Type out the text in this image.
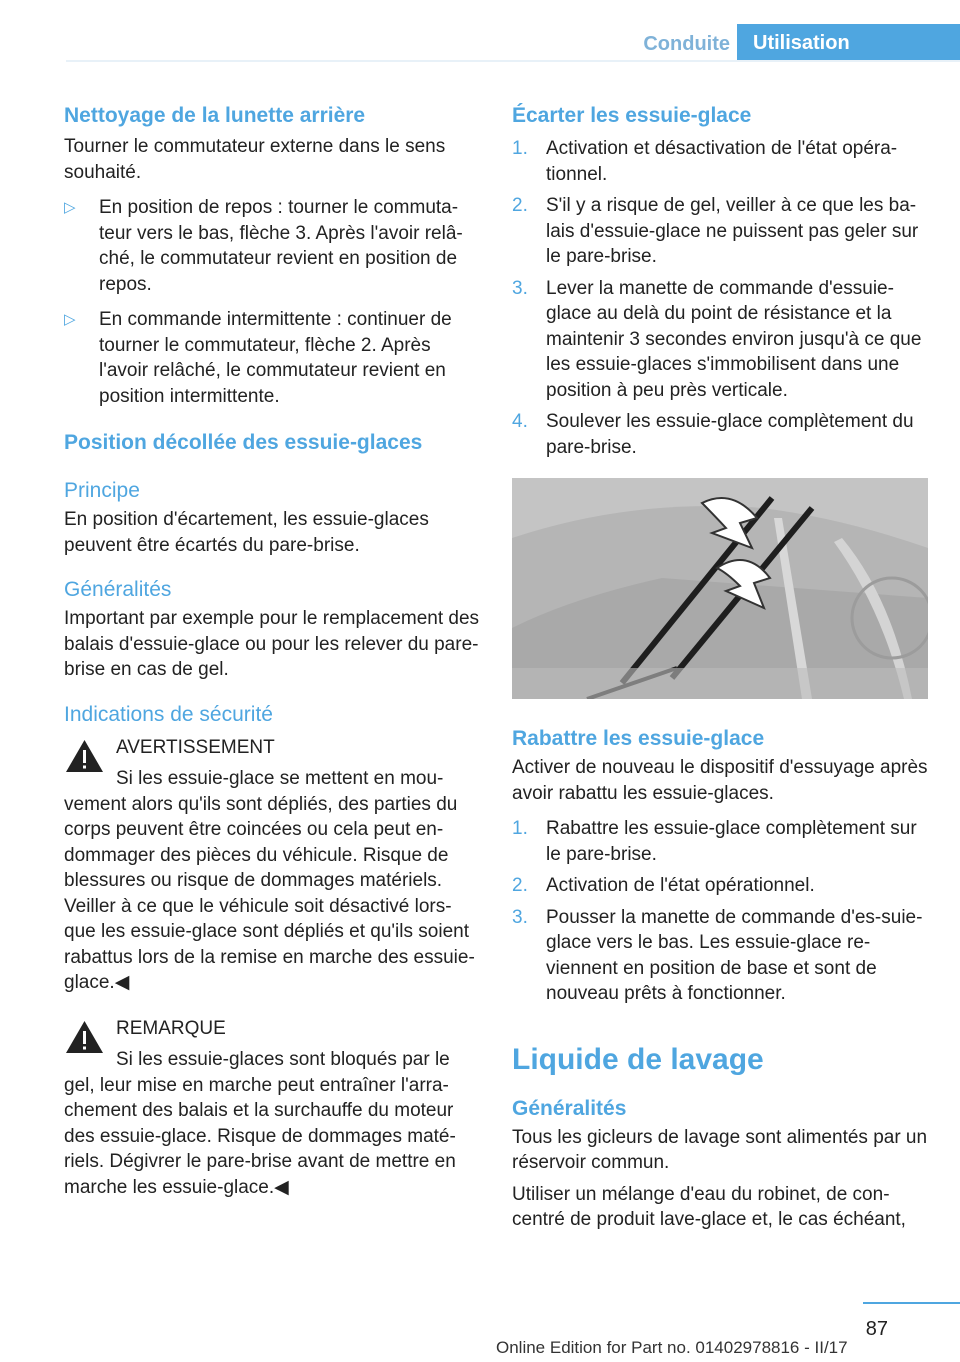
Conduite	Utilisation
Nettoyage de la lunette arrière

Tourner le commutateur externe dans le sens souhaité.

▷ En position de repos : tourner le commuta-teur vers le bas, flèche 3. Après l'avoir relâ-ché, le commutateur revient en position de repos.
▷ En commande intermittente : continuer de tourner le commutateur, flèche 2. Après l'avoir relâché, le commutateur revient en position intermittente.
Position décollée des essuie-glaces
Principe

En position d'écartement, les essuie-glaces peuvent être écartés du pare-brise.

Généralités

Important par exemple pour le remplacement des balais d'essuie-glace ou pour les relever du pare-brise en cas de gel.

Indications de sécurité
AVERTISSEMENT

Si les essuie-glace se mettent en mou-vement alors qu'ils sont dépliés, des parties du corps peuvent être coincées ou cela peut en-dommager des pièces du véhicule. Risque de blessures ou risque de dommages matériels. Veiller à ce que le véhicule soit désactivé lors-que les essuie-glace sont dépliés et qu'ils soient rabattus lors de la remise en marche des essuie-glace.◀

REMARQUE

Si les essuie-glaces sont bloqués par le gel, leur mise en marche peut entraîner l'arra-chement des balais et la surchauffe du moteur des essuie-glace. Risque de dommages maté-riels. Dégivrer le pare-brise avant de mettre en marche les essuie-glace.◀

Écarter les essuie-glace
1. Activation et désactivation de l'état opéra-tionnel.
2. S'il y a risque de gel, veiller à ce que les ba-lais d'essuie-glace ne puissent pas geler sur le pare-brise.
3. Lever la manette de commande d'essuie-glace au delà du point de résistance et la maintenir 3 secondes environ jusqu'à ce que les essuie-glaces s'immobilisent dans une position à peu près verticale.
4. Soulever les essuie-glace complètement du pare-brise.
Rabattre les essuie-glace

Activer de nouveau le dispositif d'essuyage après avoir rabattu les essuie-glaces.

1. Rabattre les essuie-glace complètement sur le pare-brise.
2. Activation de l'état opérationnel.
3. Pousser la manette de commande d'es-suie-glace vers le bas. Les essuie-glace re-viennent en position de base et sont de nouveau prêts à fonctionner.
Liquide de lavage
Généralités

Tous les gicleurs de lavage sont alimentés par un réservoir commun.

Utiliser un mélange d'eau du robinet, de con-centré de produit lave-glace et, le cas échéant,

87
Online Edition for Part no. 01402978816 - II/17
